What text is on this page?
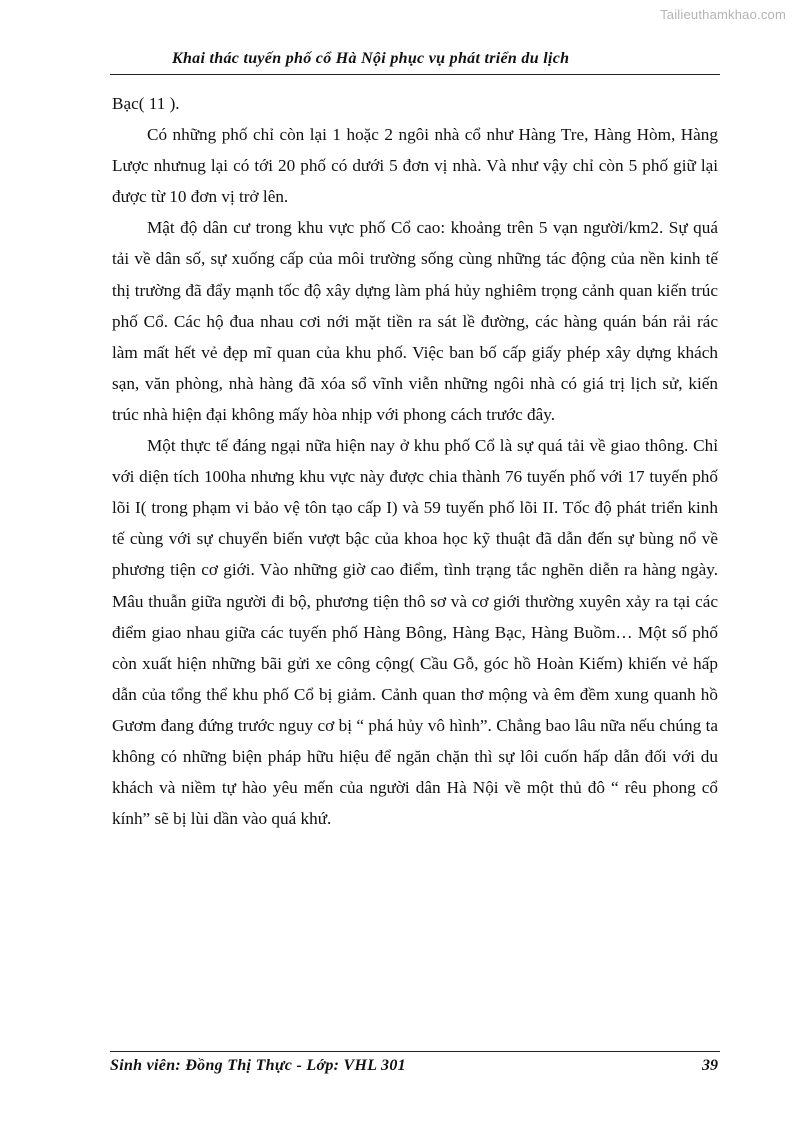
Tailieuthamkhao.com
Khai thác tuyến phố cổ Hà Nội phục vụ phát triển du lịch

Bạc( 11 ).

Có những phố chỉ còn lại 1 hoặc 2 ngôi nhà cổ như Hàng Tre, Hàng Hòm, Hàng Lược nhưnug lại có tới 20 phố có dưới 5 đơn vị nhà. Và như vậy chỉ còn 5 phố giữ lại được từ 10 đơn vị trở lên.

Mật độ dân cư trong khu vực phố Cổ cao: khoảng trên 5 vạn người/km2. Sự quá tải về dân số, sự xuống cấp của môi trường sống cùng những tác động của nền kinh tế thị trường đã đẩy mạnh tốc độ xây dựng làm phá hủy nghiêm trọng cảnh quan kiến trúc phố Cổ. Các hộ đua nhau cơi nới mặt tiền ra sát lề đường, các hàng quán bán rải rác làm mất hết vẻ đẹp mĩ quan của khu phố. Việc ban bố cấp giấy phép xây dựng khách sạn, văn phòng, nhà hàng đã xóa sổ vĩnh viễn những ngôi nhà có giá trị lịch sử, kiến trúc nhà hiện đại không mấy hòa nhịp với phong cách trước đây.

Một thực tế đáng ngại nữa hiện nay ở khu phố Cổ là sự quá tải về giao thông. Chỉ với diện tích 100ha nhưng khu vực này được chia thành 76 tuyến phố với 17 tuyến phố lõi I( trong phạm vi bảo vệ tôn tạo cấp I) và 59 tuyến phố lõi II. Tốc độ phát triển kinh tế cùng với sự chuyển biến vượt bậc của khoa học kỹ thuật đã dẫn đến sự bùng nổ về phương tiện cơ giới. Vào những giờ cao điểm, tình trạng tắc nghẽn diễn ra hàng ngày. Mâu thuẫn giữa người đi bộ, phương tiện thô sơ và cơ giới thường xuyên xảy ra tại các điểm giao nhau giữa các tuyến phố Hàng Bông, Hàng Bạc, Hàng Buồm… Một số phố còn xuất hiện những bãi gửi xe công cộng( Cầu Gỗ, góc hồ Hoàn Kiếm) khiến vẻ hấp dẫn của tổng thể khu phố Cổ bị giảm. Cảnh quan thơ mộng và êm đềm xung quanh hồ Gươm đang đứng trước nguy cơ bị “ phá hủy vô hình”. Chẳng bao lâu nữa nếu chúng ta không có những biện pháp hữu hiệu để ngăn chặn thì sự lôi cuốn hấp dẫn đối với du khách và niềm tự hào yêu mến của người dân Hà Nội về một thủ đô “ rêu phong cổ kính” sẽ bị lùi dần vào quá khứ.

Sinh viên: Đồng Thị Thực - Lớp: VHL 301	39
